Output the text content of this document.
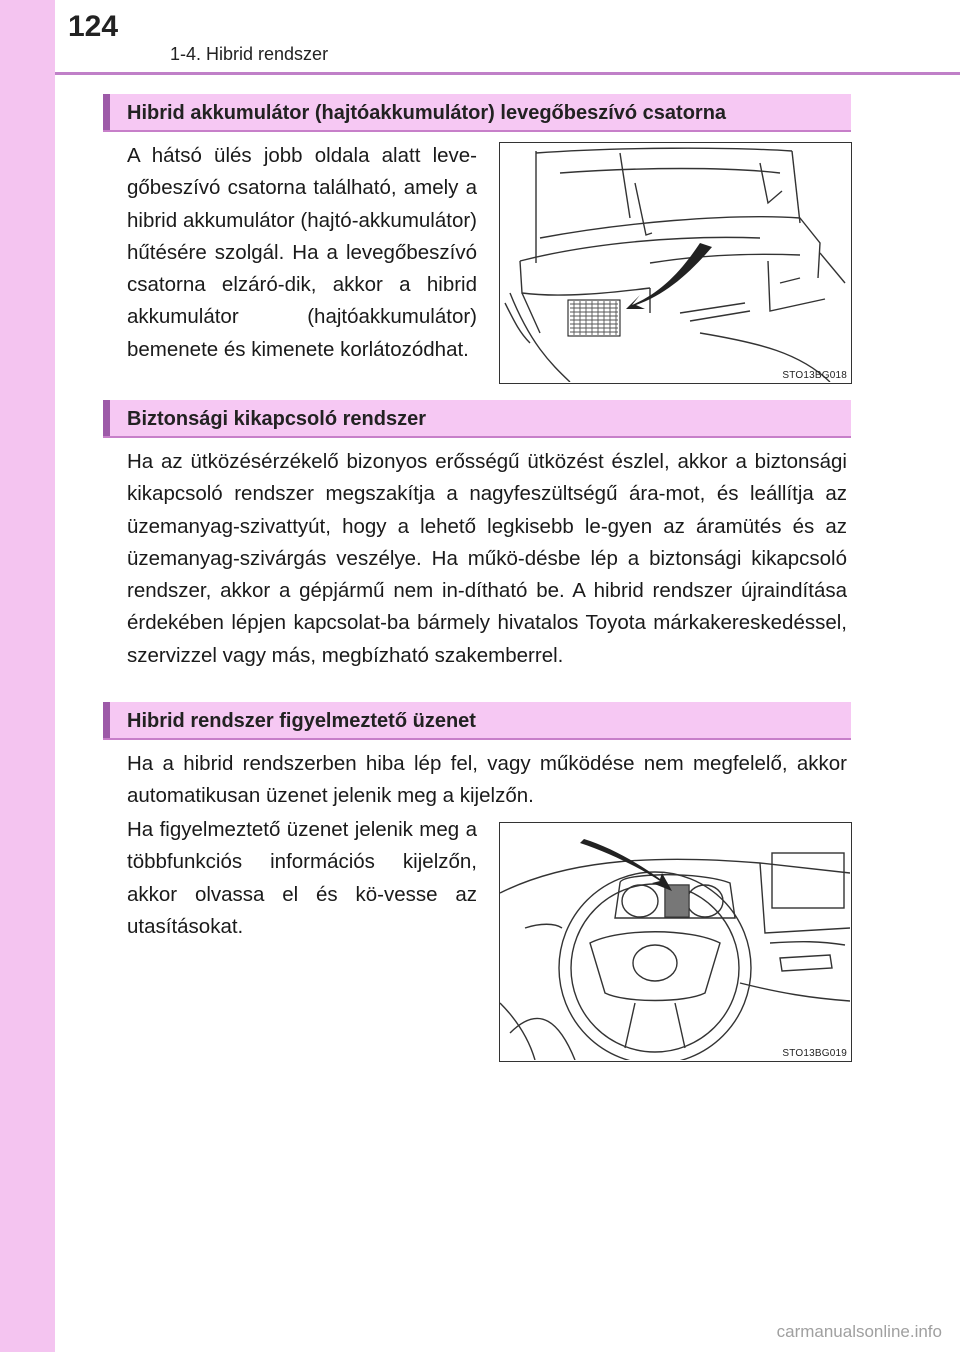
124
1-4. Hibrid rendszer
Hibrid akkumulátor (hajtóakkumulátor) levegőbeszívó csatorna
A hátsó ülés jobb oldala alatt leve-gőbeszívó csatorna található, amely a hibrid akkumulátor (hajtó-akkumulátor) hűtésére szolgál. Ha a levegőbeszívó csatorna elzáró-dik, akkor a hibrid akkumulátor (hajtóakkumulátor) bemenete és kimenete korlátozódhat.
STO13BG018
Biztonsági kikapcsoló rendszer
Ha az ütközésérzékelő bizonyos erősségű ütközést észlel, akkor a biztonsági kikapcsoló rendszer megszakítja a nagyfeszültségű ára-mot, és leállítja az üzemanyag-szivattyút, hogy a lehető legkisebb le-gyen az áramütés és az üzemanyag-szivárgás veszélye. Ha műkö-désbe lép a biztonsági kikapcsoló rendszer, akkor a gépjármű nem in-dítható be. A hibrid rendszer újraindítása érdekében lépjen kapcsolat-ba bármely hivatalos Toyota márkakereskedéssel, szervizzel vagy más, megbízható szakemberrel.
Hibrid rendszer figyelmeztető üzenet
Ha a hibrid rendszerben hiba lép fel, vagy működése nem megfelelő, akkor automatikusan üzenet jelenik meg a kijelzőn.
Ha figyelmeztető üzenet jelenik meg a többfunkciós információs kijelzőn, akkor olvassa el és kö-vesse az utasításokat.
STO13BG019
carmanualsonline.info
